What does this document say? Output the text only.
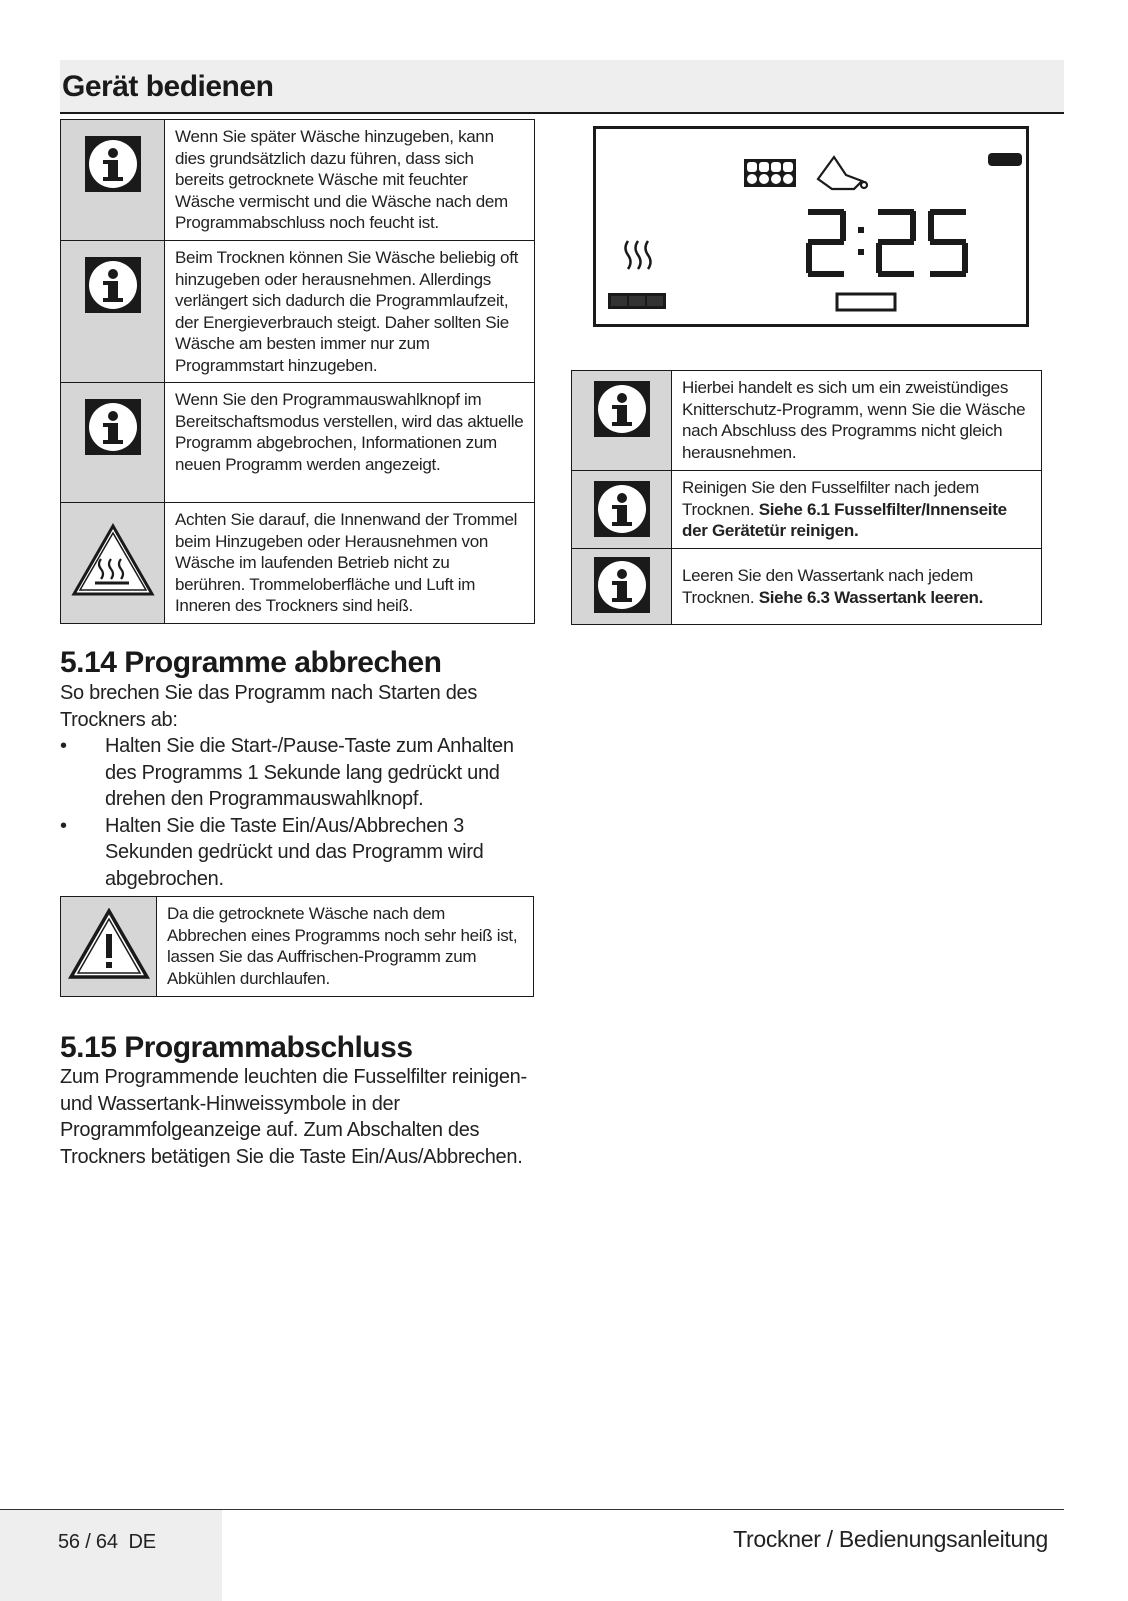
Gerät bedienen
	Wenn Sie später Wäsche hinzugeben, kann dies grundsätzlich dazu führen, dass sich bereits getrocknete Wäsche mit feuchter Wäsche vermischt und die Wäsche nach dem Programmabschluss noch feucht ist.

	Beim Trocknen können Sie Wäsche beliebig oft hinzugeben oder herausnehmen. Allerdings verlängert sich dadurch die Programmlaufzeit, der Energieverbrauch steigt. Daher sollten Sie Wäsche am besten immer nur zum Programmstart hinzugeben.

	Wenn Sie den Programmauswahlknopf im Bereitschaftsmodus verstellen, wird das aktuelle Programm abgebrochen, Informationen zum neuen Programm werden angezeigt.
	Achten Sie darauf, die Innenwand der Trommel beim Hinzugeben oder Herausnehmen von Wäsche im laufenden Betrieb nicht zu berühren. Trommeloberfläche und Luft im Inneren des Trockners sind heiß.
	Hierbei handelt es sich um ein zweistündiges Knitterschutz-Programm, wenn Sie die Wäsche nach Abschluss des Programms nicht gleich herausnehmen.

	Reinigen Sie den Fusselfilter nach jedem Trocknen. Siehe 6.1 Fusselfilter/Innenseite der Gerätetür reinigen.

	Leeren Sie den Wassertank nach jedem Trocknen. Siehe 6.3 Wassertank leeren.
5.14 Programme abbrechen
So brechen Sie das Programm nach Starten des Trockners ab:
• Halten Sie die Start-/Pause-Taste zum Anhalten des Programms 1 Sekunde lang gedrückt und drehen den Programmauswahlknopf.
• Halten Sie die Taste Ein/Aus/Abbrechen 3 Sekunden gedrückt und das Programm wird abgebrochen.
	Da die getrocknete Wäsche nach dem Abbrechen eines Programms noch sehr heiß ist, lassen Sie das Auffrischen-Programm zum Abkühlen durchlaufen.
5.15 Programmabschluss
Zum Programmende leuchten die Fusselfilter reinigen- und Wassertank-Hinweissymbole in der Programmfolgeanzeige auf. Zum Abschalten des Trockners betätigen Sie die Taste Ein/Aus/Abbrechen.
56 / 64  DE	Trockner / Bedienungsanleitung
